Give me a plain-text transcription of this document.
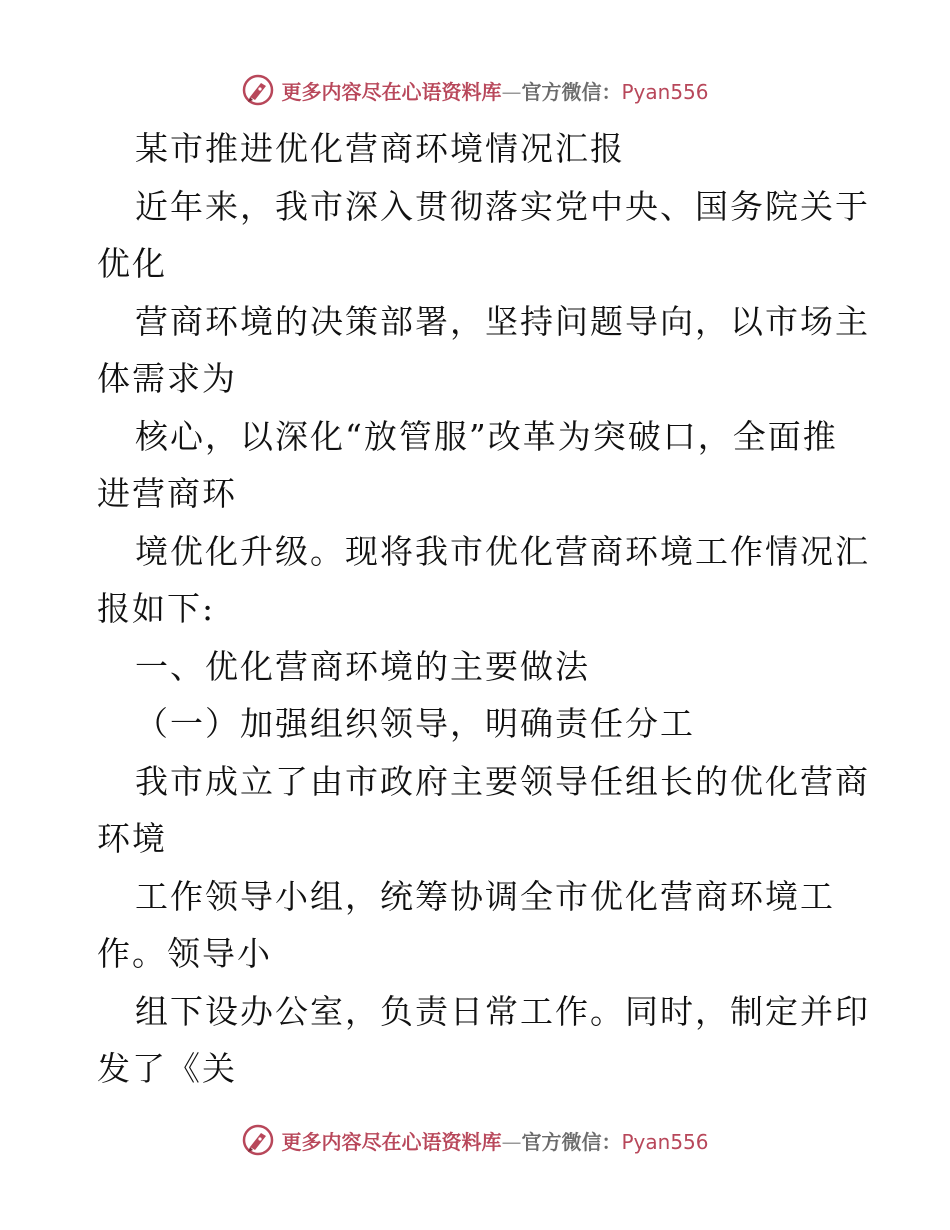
更多内容尽在心语资料库—官方微信：Pyan556
某市推进优化营商环境情况汇报
近年来，我市深入贯彻落实党中央、国务院关于
优化
营商环境的决策部署，坚持问题导向，以市场主
体需求为
核心，以深化“放管服”改革为突破口，全面推
进营商环
境优化升级。现将我市优化营商环境工作情况汇
报如下:
一、优化营商环境的主要做法
（一）加强组织领导，明确责任分工
我市成立了由市政府主要领导任组长的优化营商
环境
工作领导小组，统筹协调全市优化营商环境工
作。领导小
组下设办公室，负责日常工作。同时，制定并印
发了《关
更多内容尽在心语资料库—官方微信：Pyan556
